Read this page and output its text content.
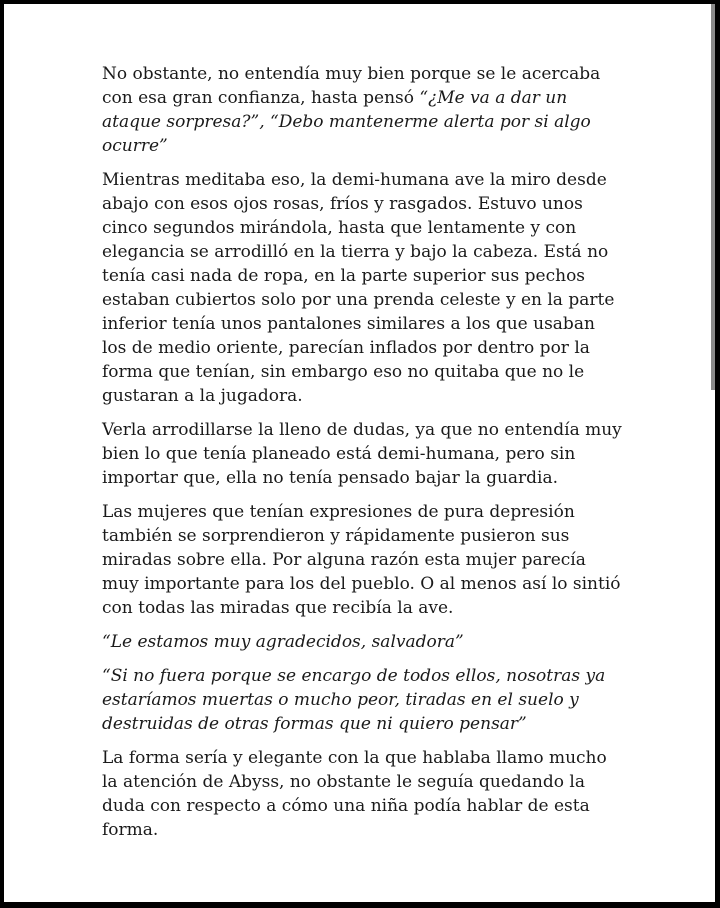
No obstante, no entendía muy bien porque se le acercaba con esa gran confianza, hasta pensó “¿Me va a dar un ataque sorpresa?”, “Debo mantenerme alerta por si algo ocurre”

Mientras meditaba eso, la demi-humana ave la miro desde abajo con esos ojos rosas, fríos y rasgados. Estuvo unos cinco segundos mirándola, hasta que lentamente y con elegancia se arrodilló en la tierra y bajo la cabeza. Está no tenía casi nada de ropa, en la parte superior sus pechos estaban cubiertos solo por una prenda celeste y en la parte inferior tenía unos pantalones similares a los que usaban los de medio oriente, parecían inflados por dentro por la forma que tenían, sin embargo eso no quitaba que no le gustaran a la jugadora.

Verla arrodillarse la lleno de dudas, ya que no entendía muy bien lo que tenía planeado está demi-humana, pero sin importar que, ella no tenía pensado bajar la guardia.

Las mujeres que tenían expresiones de pura depresión también se sorprendieron y rápidamente pusieron sus miradas sobre ella. Por alguna razón esta mujer parecía muy importante para los del pueblo. O al menos así lo sintió con todas las miradas que recibía la ave.

“Le estamos muy agradecidos, salvadora”

“Si no fuera porque se encargo de todos ellos, nosotras ya estaríamos muertas o mucho peor, tiradas en el suelo y destruidas de otras formas que ni quiero pensar”

La forma sería y elegante con la que hablaba llamo mucho la atención de Abyss, no obstante le seguía quedando la duda con respecto a cómo una niña podía hablar de esta forma.
